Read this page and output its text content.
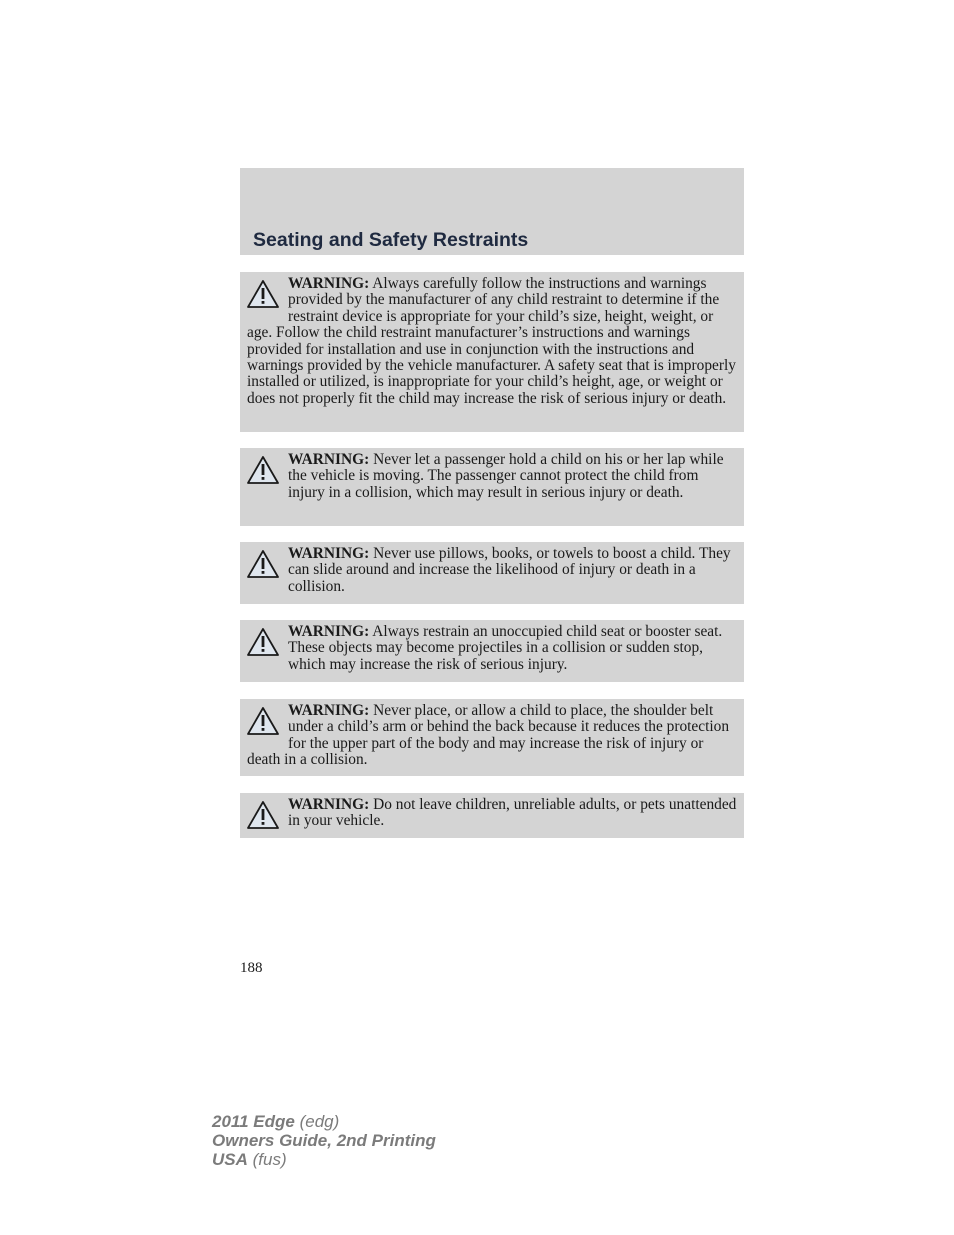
Seating and Safety Restraints

WARNING: Always carefully follow the instructions and warnings provided by the manufacturer of any child restraint to determine if the restraint device is appropriate for your child’s size, height, weight, or age. Follow the child restraint manufacturer’s instructions and warnings provided for installation and use in conjunction with the instructions and warnings provided by the vehicle manufacturer. A safety seat that is improperly installed or utilized, is inappropriate for your child’s height, age, or weight or does not properly fit the child may increase the risk of serious injury or death.

WARNING: Never let a passenger hold a child on his or her lap while the vehicle is moving. The passenger cannot protect the child from injury in a collision, which may result in serious injury or death.

WARNING: Never use pillows, books, or towels to boost a child. They can slide around and increase the likelihood of injury or death in a collision.

WARNING: Always restrain an unoccupied child seat or booster seat. These objects may become projectiles in a collision or sudden stop, which may increase the risk of serious injury.

WARNING: Never place, or allow a child to place, the shoulder belt under a child’s arm or behind the back because it reduces the protection for the upper part of the body and may increase the risk of injury or death in a collision.

WARNING: Do not leave children, unreliable adults, or pets unattended in your vehicle.

188
2011 Edge (edg)
Owners Guide, 2nd Printing
USA (fus)
